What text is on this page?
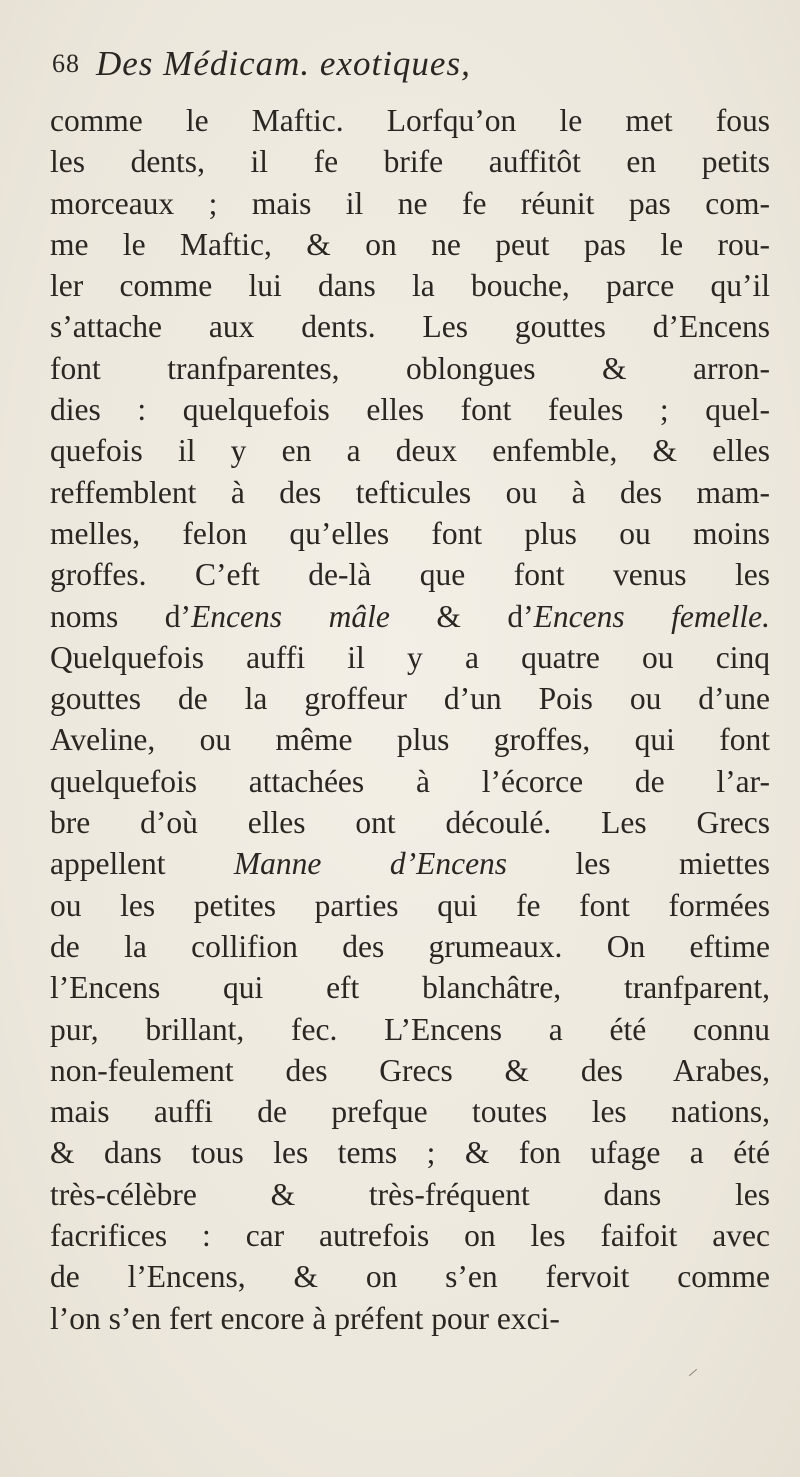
68 Des Médicam. exotiques,
comme le Maftic. Lorfqu’on le met fous
les dents, il fe brife auffitôt en petits
morceaux ; mais il ne fe réunit pas com-
me le Maftic, & on ne peut pas le rou-
ler comme lui dans la bouche, parce qu’il
s’attache aux dents. Les gouttes d’Encens
font tranfparentes, oblongues & arron-
dies : quelquefois elles font feules ; quel-
quefois il y en a deux enfemble, & elles
reffemblent à des tefticules ou à des mam-
melles, felon qu’elles font plus ou moins
groffes. C’eft de-là que font venus les
noms d’Encens mâle & d’Encens femelle.
Quelquefois auffi il y a quatre ou cinq
gouttes de la groffeur d’un Pois ou d’une
Aveline, ou même plus groffes, qui font
quelquefois attachées à l’écorce de l’ar-
bre d’où elles ont découlé. Les Grecs
appellent Manne d’Encens les miettes
ou les petites parties qui fe font formées
de la collifion des grumeaux. On eftime
l’Encens qui eft blanchâtre, tranfparent,
pur, brillant, fec. L’Encens a été connu
non-feulement des Grecs & des Arabes,
mais auffi de prefque toutes les nations,
& dans tous les tems ; & fon ufage a été
très-célèbre & très-fréquent dans les
facrifices : car autrefois on les faifoit avec
de l’Encens, & on s’en fervoit comme
l’on s’en fert encore à préfent pour exci-
